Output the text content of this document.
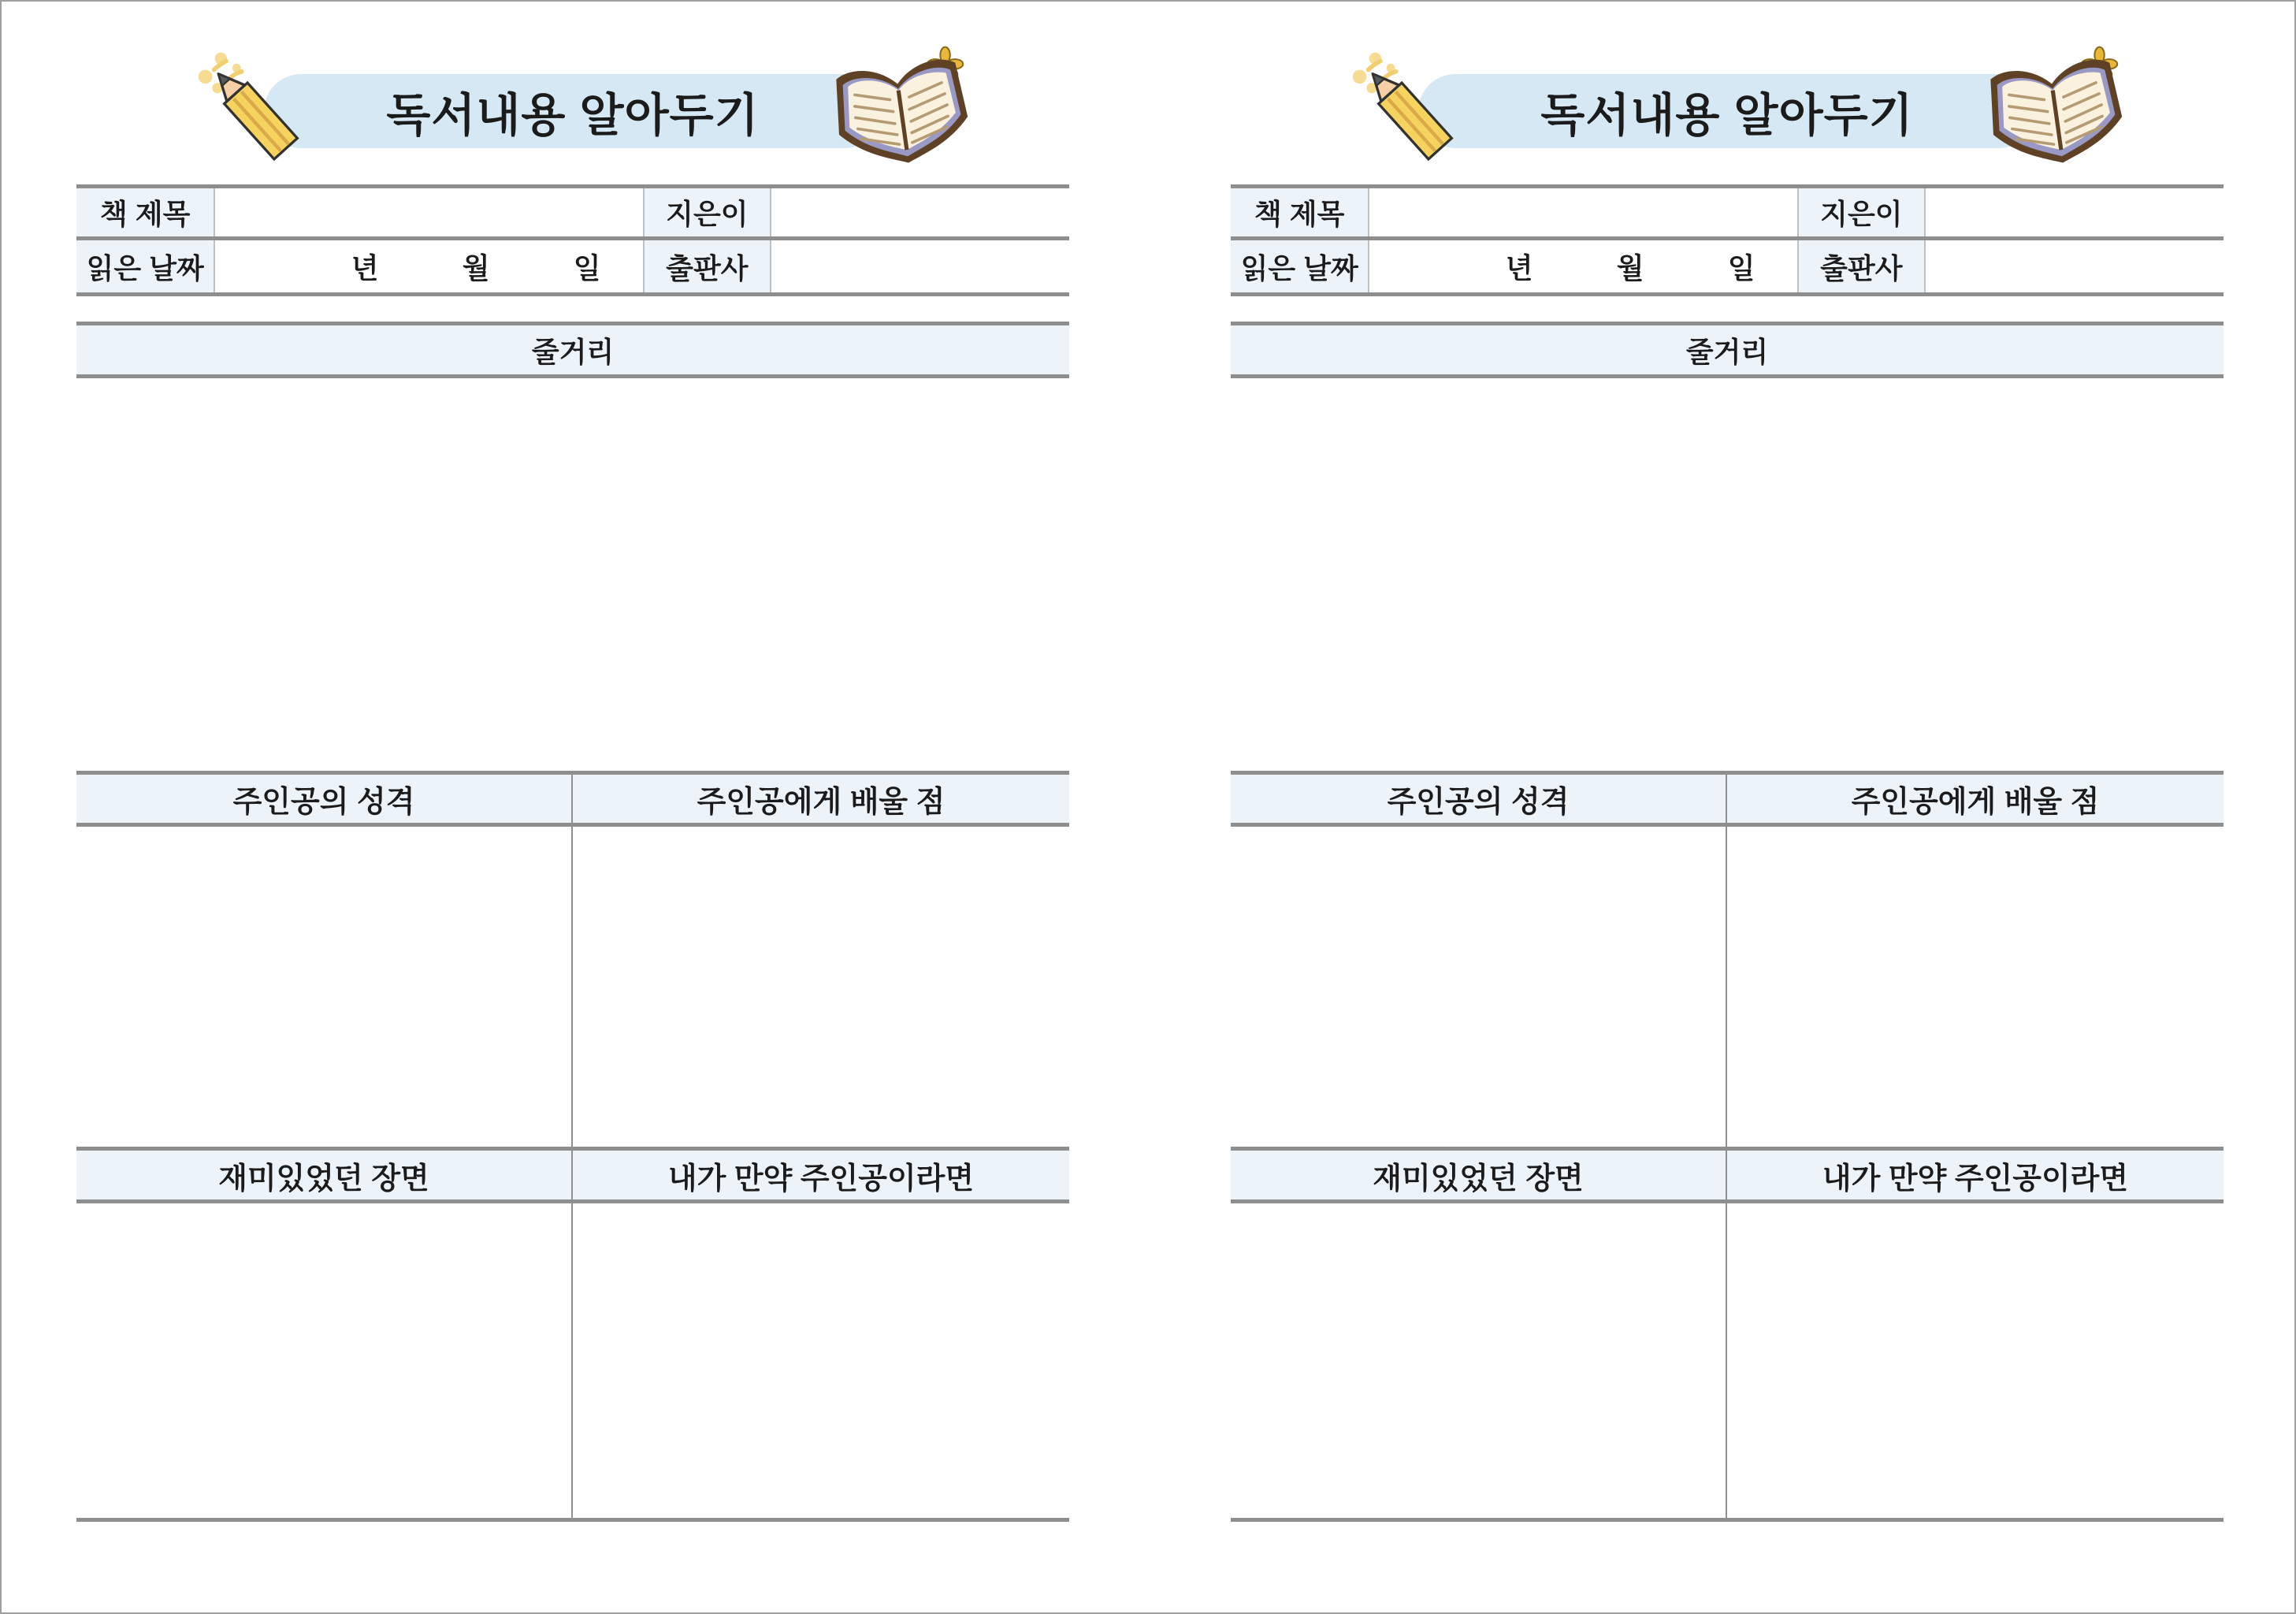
독서내용 알아두기
책 제목	지은이
읽은 날짜	년	월	일	출판사
줄거리
주인공의 성격	주인공에게 배울 점
재미있었던 장면	내가 만약 주인공이라면
독서내용 알아두기
책 제목	지은이
읽은 날짜	년	월	일	출판사
줄거리
주인공의 성격	주인공에게 배울 점
재미있었던 장면	내가 만약 주인공이라면
